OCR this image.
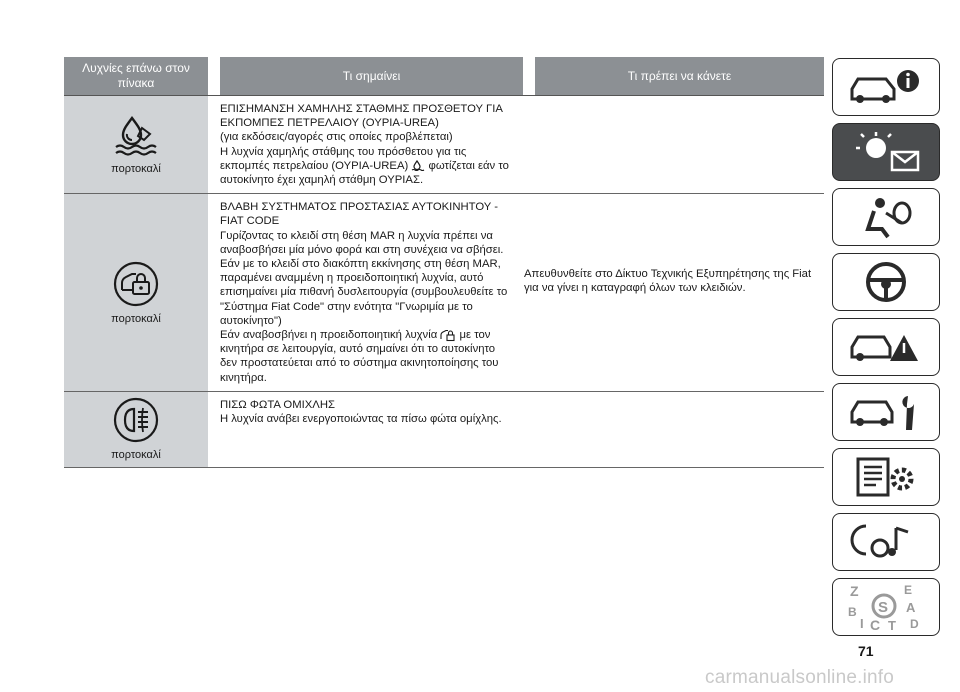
Λυχνίες επάνω στον πίνακα
Τι σημαίνει	Τι πρέπει να κάνετε
πορτοκαλί

ΕΠΙΣΗΜΑΝΣΗ ΧΑΜΗΛΗΣ ΣΤΑΘΜΗΣ ΠΡΟΣΘΕΤΟΥ ΓΙΑ ΕΚΠΟΜΠΕΣ ΠΕΤΡΕΛΑΙΟΥ (ΟΥΡΙΑ-UREA)

(για εκδόσεις/αγορές στις οποίες προβλέπεται)

Η λυχνία χαμηλής στάθμης του πρόσθετου για τις εκπομπές πετρελαίου (ΟΥΡΙΑ-UREA) φωτίζεται εάν το αυτοκίνητο έχει χαμηλή στάθμη ΟΥΡΙΑΣ.

πορτοκαλί

ΒΛΑΒΗ ΣΥΣΤΗΜΑΤΟΣ ΠΡΟΣΤΑΣΙΑΣ ΑΥΤΟΚΙΝΗΤΟΥ - FIAT CODE

Γυρίζοντας το κλειδί στη θέση MAR η λυχνία πρέπει να αναβοσβήσει μία μόνο φορά και στη συνέχεια να σβήσει.

Εάν με το κλειδί στο διακόπτη εκκίνησης στη θέση MAR, παραμένει αναμμένη η προειδοποιητική λυχνία, αυτό επισημαίνει μία πιθανή δυσλειτουργία (συμβουλευθείτε το "Σύστημα Fiat Code" στην ενότητα "Γνωριμία με το αυτοκίνητο")

Εάν αναβοσβήνει η προειδοποιητική λυχνία με τον κινητήρα σε λειτουργία, αυτό σημαίνει ότι το αυτοκίνητο δεν προστατεύεται από το σύστημα ακινητοποίησης του κινητήρα.

πορτοκαλί

ΠΙΣΩ ΦΩΤΑ ΟΜΙΧΛΗΣ

Η λυχνία ανάβει ενεργοποιώντας τα πίσω φώτα ομίχλης.

Απευθυνθείτε στο Δίκτυο Τεχνικής Εξυπηρέτησης της Fiat για να γίνει η καταγραφή όλων των κλειδιών.
Z	E
A
B
I C T D
S
71
carmanualsonline.info
